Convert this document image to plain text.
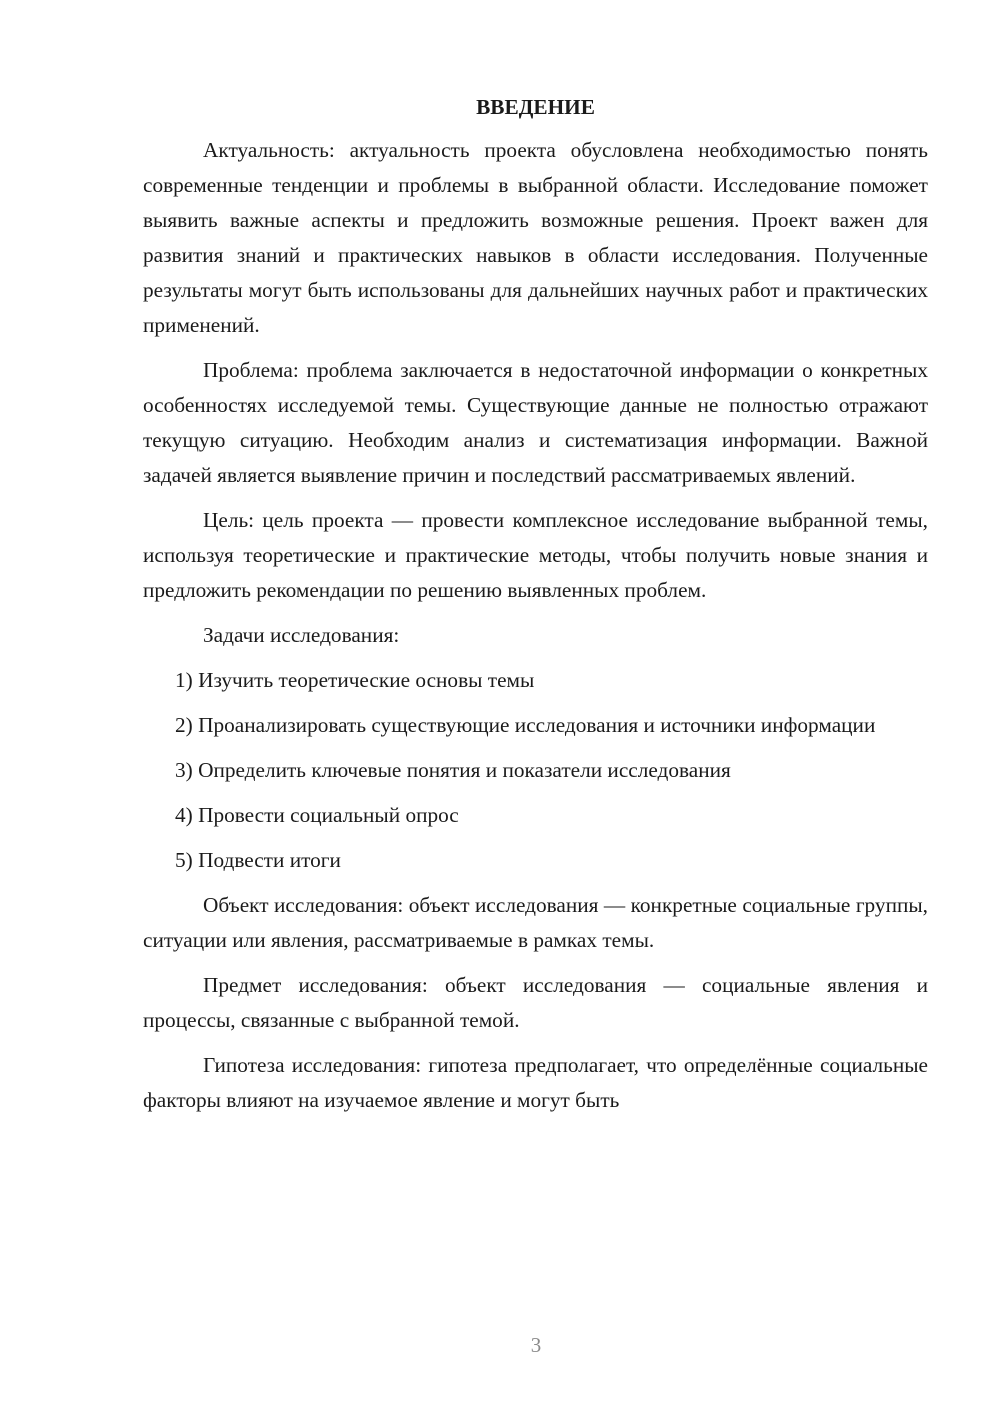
ВВЕДЕНИЕ

Актуальность: актуальность проекта обусловлена необходимостью понять современные тенденции и проблемы в выбранной области. Исследование поможет выявить важные аспекты и предложить возможные решения. Проект важен для развития знаний и практических навыков в области исследования. Полученные результаты могут быть использованы для дальнейших научных работ и практических применений.

Проблема: проблема заключается в недостаточной информации о конкретных особенностях исследуемой темы. Существующие данные не полностью отражают текущую ситуацию. Необходим анализ и систематизация информации. Важной задачей является выявление причин и последствий рассматриваемых явлений.

Цель: цель проекта — провести комплексное исследование выбранной темы, используя теоретические и практические методы, чтобы получить новые знания и предложить рекомендации по решению выявленных проблем.

Задачи исследования:

1) Изучить теоретические основы темы

2) Проанализировать существующие исследования и источники информации

3) Определить ключевые понятия и показатели исследования

4) Провести социальный опрос

5) Подвести итоги

Объект исследования: объект исследования — конкретные социальные группы, ситуации или явления, рассматриваемые в рамках темы.

Предмет исследования: объект исследования — социальные явления и процессы, связанные с выбранной темой.

Гипотеза исследования: гипотеза предполагает, что определённые социальные факторы влияют на изучаемое явление и могут быть

3
